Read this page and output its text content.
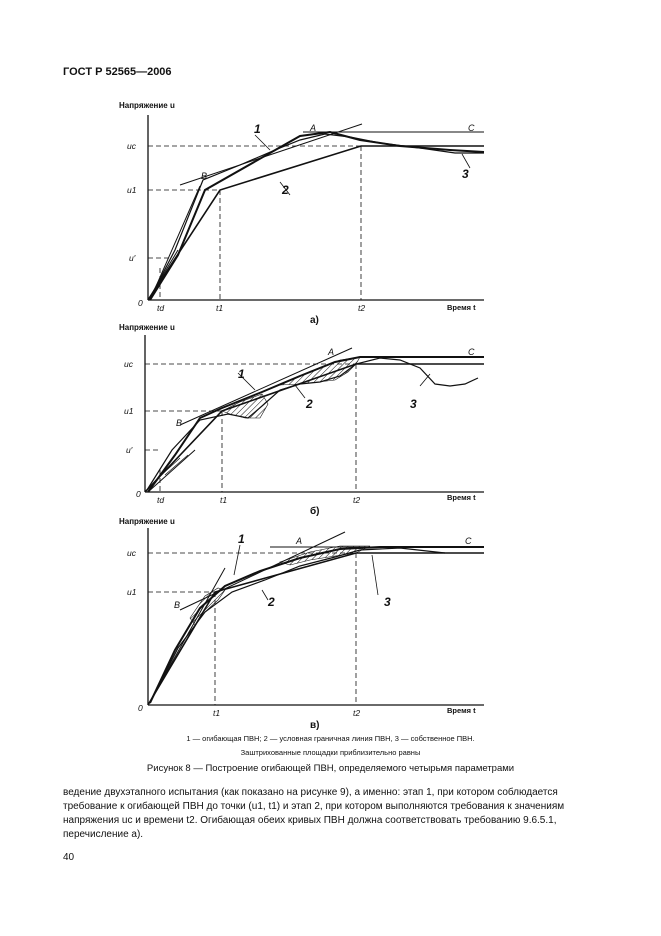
ГОСТ Р 52565—2006
Напряжение u
Время t
а)
uc
u1
u′
0 td	t1	t2
1
2
3
A
B
C
Напряжение u
Время t
б)
uc
u1
u′
0
td	t1	t2
1
2	3
A
B
C
Напряжение u
Время t
в)
uc
u1
0	t1	t2
1
2	3
A
B
C
1 — огибающая ПВН; 2 — условная граничная линия ПВН, 3 — собственное ПВН.
Заштрихованные площадки приблизительно равны
Рисунок 8 — Построение огибающей ПВН, определяемого четырьмя параметрами
ведение двухэтапного испытания (как показано на рисунке 9), а именно: этап 1, при котором соблюдается требование к огибающей ПВН до точки (u1, t1) и этап 2, при котором выполняются требования к значениям напряжения uc и времени t2. Огибающая обеих кривых ПВН должна соответствовать требованию 9.6.5.1, перечисление а).
40
